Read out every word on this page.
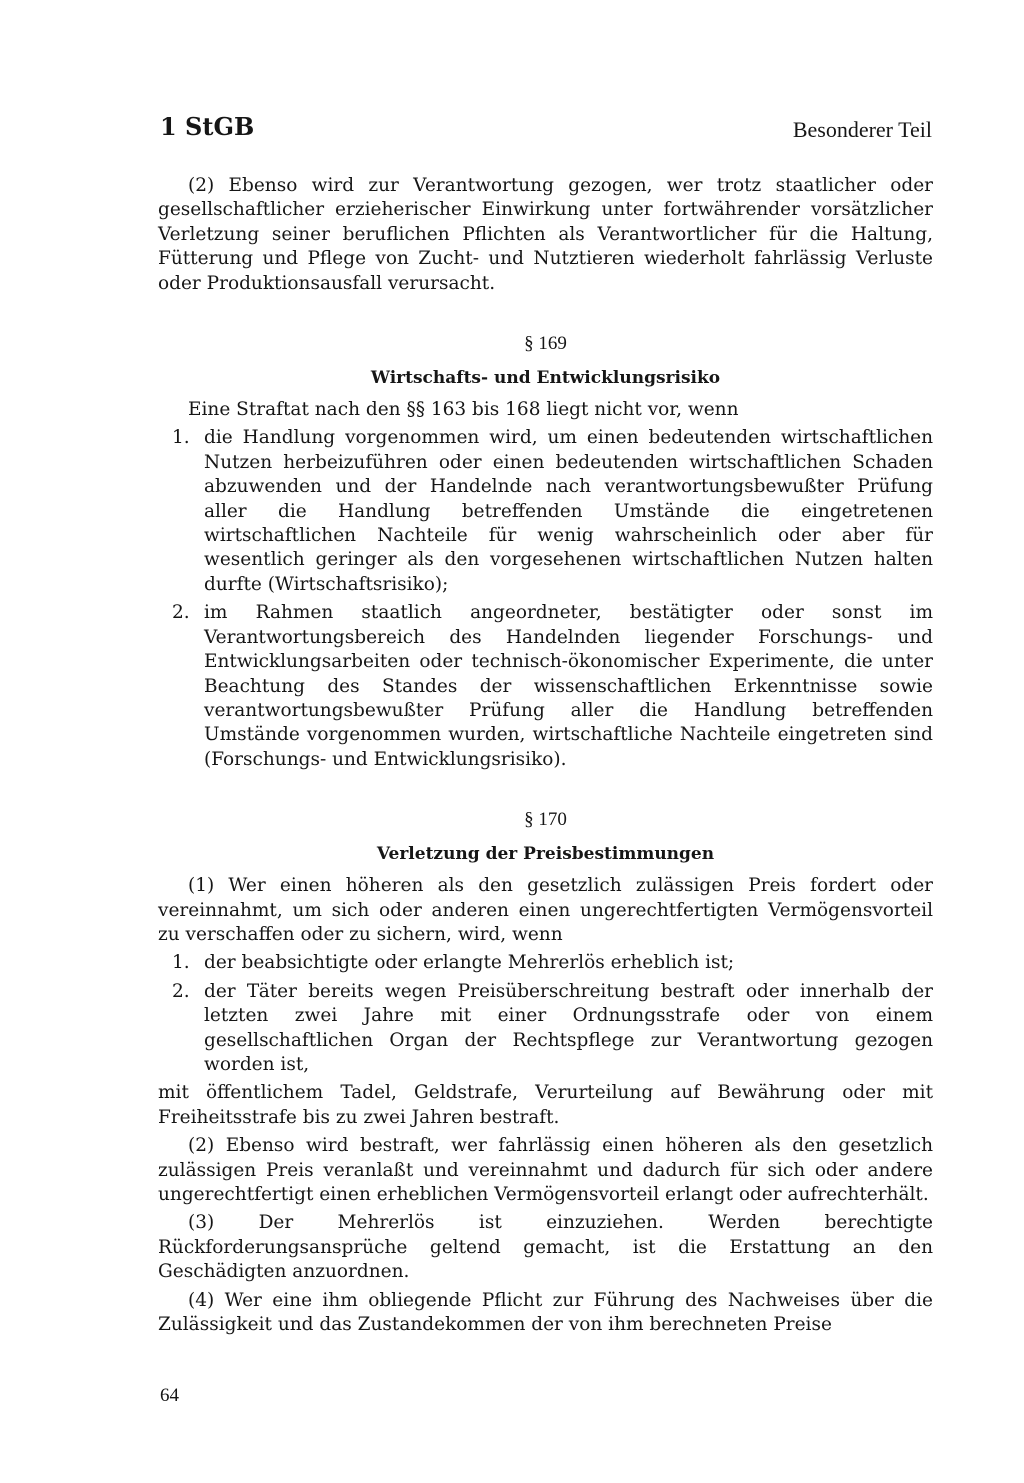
1 StGB	Besonderer Teil

(2) Ebenso wird zur Verantwortung gezogen, wer trotz staatlicher oder gesellschaftlicher erzieherischer Einwirkung unter fortwährender vorsätzlicher Verletzung seiner beruflichen Pflichten als Verantwortlicher für die Haltung, Fütterung und Pflege von Zucht- und Nutztieren wiederholt fahrlässig Verluste oder Produktionsausfall verursacht.

§ 169
Wirtschafts- und Entwicklungsrisiko

Eine Straftat nach den §§ 163 bis 168 liegt nicht vor, wenn

1. die Handlung vorgenommen wird, um einen bedeutenden wirtschaftlichen Nutzen herbeizuführen oder einen bedeutenden wirtschaftlichen Schaden abzuwenden und der Handelnde nach verantwortungsbewußter Prüfung aller die Handlung betreffenden Umstände die eingetretenen wirtschaftlichen Nachteile für wenig wahrscheinlich oder aber für wesentlich geringer als den vorgesehenen wirtschaftlichen Nutzen halten durfte (Wirtschaftsrisiko);
2. im Rahmen staatlich angeordneter, bestätigter oder sonst im Verantwortungsbereich des Handelnden liegender Forschungs- und Entwicklungsarbeiten oder technisch-ökonomischer Experimente, die unter Beachtung des Standes der wissenschaftlichen Erkenntnisse sowie verantwortungsbewußter Prüfung aller die Handlung betreffenden Umstände vorgenommen wurden, wirtschaftliche Nachteile eingetreten sind (Forschungs- und Entwicklungsrisiko).
§ 170
Verletzung der Preisbestimmungen

(1) Wer einen höheren als den gesetzlich zulässigen Preis fordert oder vereinnahmt, um sich oder anderen einen ungerechtfertigten Vermögensvorteil zu verschaffen oder zu sichern, wird, wenn

1. der beabsichtigte oder erlangte Mehrerlös erheblich ist;
2. der Täter bereits wegen Preisüberschreitung bestraft oder innerhalb der letzten zwei Jahre mit einer Ordnungsstrafe oder von einem gesellschaftlichen Organ der Rechtspflege zur Verantwortung gezogen worden ist,

mit öffentlichem Tadel, Geldstrafe, Verurteilung auf Bewährung oder mit Freiheitsstrafe bis zu zwei Jahren bestraft.

(2) Ebenso wird bestraft, wer fahrlässig einen höheren als den gesetzlich zulässigen Preis veranlaßt und vereinnahmt und dadurch für sich oder andere ungerechtfertigt einen erheblichen Vermögensvorteil erlangt oder aufrechterhält.

(3) Der Mehrerlös ist einzuziehen. Werden berechtigte Rückforderungsansprüche geltend gemacht, ist die Erstattung an den Geschädigten anzuordnen.

(4) Wer eine ihm obliegende Pflicht zur Führung des Nachweises über die Zulässigkeit und das Zustandekommen der von ihm berechneten Preise

64
